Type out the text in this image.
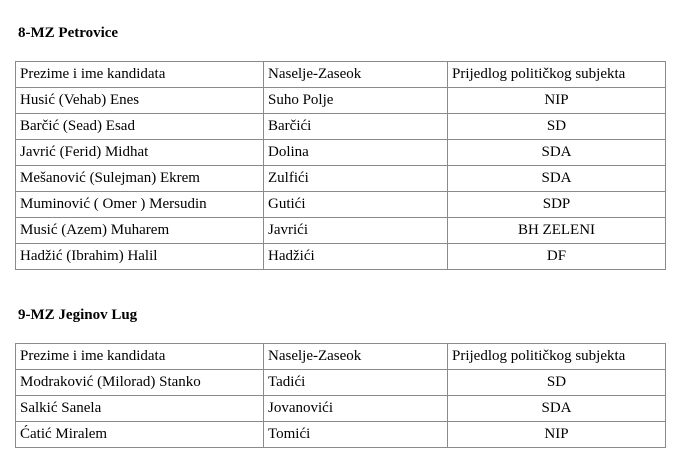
8-MZ Petrovice
Prezime i ime kandidata	Naselje-Zaseok	Prijedlog političkog subjekta
Husić (Vehab) Enes	Suho Polje	NIP
Barčić (Sead) Esad	Barčići	SD
Javrić (Ferid) Midhat	Dolina	SDA
Mešanović (Sulejman) Ekrem	Zulfići	SDA
Muminović ( Omer ) Mersudin	Gutići	SDP
Musić (Azem) Muharem	Javrići	BH ZELENI
Hadžić (Ibrahim) Halil	Hadžići	DF
9-MZ Jeginov Lug
Prezime i ime kandidata	Naselje-Zaseok	Prijedlog političkog subjekta
Modraković (Milorad) Stanko	Tadići	SD
Salkić Sanela	Jovanovići	SDA
Ćatić Miralem	Tomići	NIP
